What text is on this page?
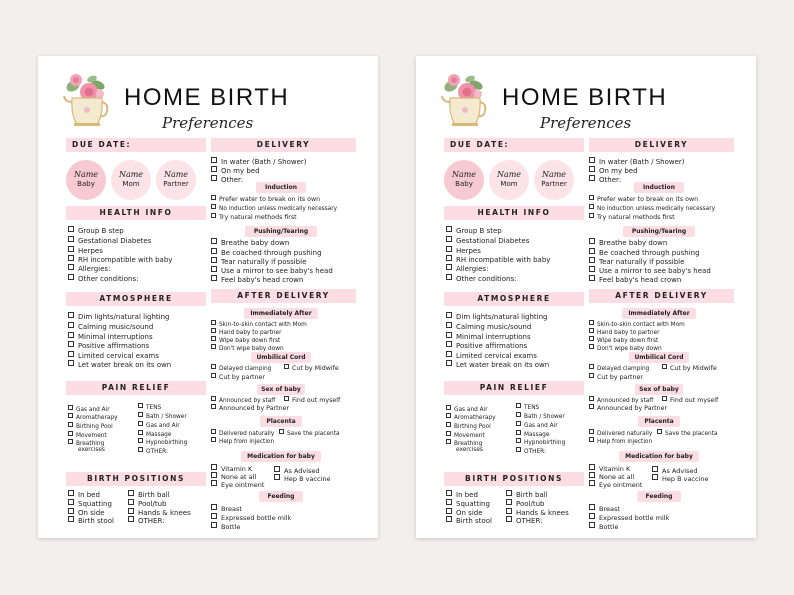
HOME BIRTH
Preferences
DUE DATE:
Name
Baby
Name
Mom
Name
Partner
HEALTH INFO
Group B step
Gestational Diabetes
Herpes
RH incompatible with baby
Allergies:
Other conditions:
ATMOSPHERE
Dim lights/natural lighting
Calming music/sound
Minimal interruptions
Positive affirmations
Limited cervical exams
Let water break on its own
PAIN RELIEF
Gas and Air
Aromatherapy
Birthing Pool
Movement
Breathing
exercises
TENS
Bath / Shower
Gas and Air
Massage
Hypnobirthing
OTHER:
BIRTH POSITIONS
In bed
Squatting
On side
Birth stool
Birth ball
Pool/tub
Hands & knees
OTHER:
DELIVERY
In water (Bath / Shower)
On my bed
Other:
Induction
Prefer water to break on its own
No induction unless medically necessary
Try natural methods first
Pushing/Tearing
Breathe baby down
Be coached through pushing
Tear naturally if possible
Use a mirror to see baby's head
Feel baby's head crown
AFTER DELIVERY
Immediately After
Skin-to-skin contact with Mom
Hand baby to partner
Wipe baby down first
Don't wipe baby down
Umbilical Cord
Delayed clamping	Cut by Midwife
Cut by partner
Sex of baby
Announced by staff	Find out myself
Announced by Partner
Placenta
Delivered naturally	Save the placenta
Help from injection
Medication for baby
Vitamin K
None at all
Eye ointment
As Advised
Hep B vaccine
Feeding
Breast
Expressed bottle milk
Bottle
HOME BIRTH
Preferences
DUE DATE:
Name
Baby
Name
Mom
Name
Partner
HEALTH INFO
Group B step
Gestational Diabetes
Herpes
RH incompatible with baby
Allergies:
Other conditions:
ATMOSPHERE
Dim lights/natural lighting
Calming music/sound
Minimal interruptions
Positive affirmations
Limited cervical exams
Let water break on its own
PAIN RELIEF
Gas and Air
Aromatherapy
Birthing Pool
Movement
Breathing
exercises
TENS
Bath / Shower
Gas and Air
Massage
Hypnobirthing
OTHER:
BIRTH POSITIONS
In bed
Squatting
On side
Birth stool
Birth ball
Pool/tub
Hands & knees
OTHER:
DELIVERY
In water (Bath / Shower)
On my bed
Other:
Induction
Prefer water to break on its own
No induction unless medically necessary
Try natural methods first
Pushing/Tearing
Breathe baby down
Be coached through pushing
Tear naturally if possible
Use a mirror to see baby's head
Feel baby's head crown
AFTER DELIVERY
Immediately After
Skin-to-skin contact with Mom
Hand baby to partner
Wipe baby down first
Don't wipe baby down
Umbilical Cord
Delayed clamping	Cut by Midwife
Cut by partner
Sex of baby
Announced by staff	Find out myself
Announced by Partner
Placenta
Delivered naturally	Save the placenta
Help from injection
Medication for baby
Vitamin K
None at all
Eye ointment
As Advised
Hep B vaccine
Feeding
Breast
Expressed bottle milk
Bottle
